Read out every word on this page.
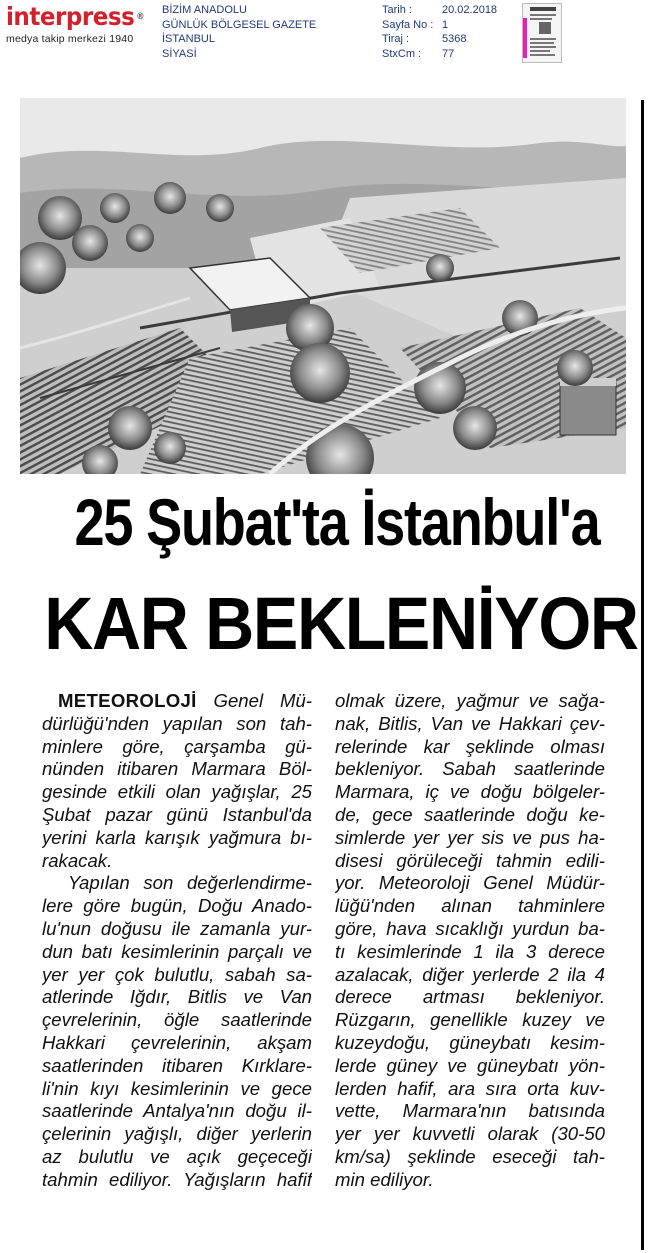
interpress ®
medya takip merkezi 1940
BİZİM ANADOLU
GÜNLÜK BÖLGESEL GAZETE
İSTANBUL
SİYASİ
Tarih :	20.02.2018
Sayfa No : 1
Tiraj :	5368
StxCm :	77
25 Şubat'ta İstanbul'a
KAR BEKLENİYOR
METEOROLOJİ Genel Mü-
dürlüğü'nden yapılan son tah-
minlere göre, çarşamba gü-
nünden itibaren Marmara Böl-
gesinde etkili olan yağışlar, 25
Şubat pazar günü Istanbul'da
yerini karla karışık yağmura bı-
rakacak.
Yapılan son değerlendirme-
lere göre bugün, Doğu Anado-
lu'nun doğusu ile zamanla yur-
dun batı kesimlerinin parçalı ve
yer yer çok bulutlu, sabah sa-
atlerinde Iğdır, Bitlis ve Van
çevrelerinin, öğle saatlerinde
Hakkari çevrelerinin, akşam
saatlerinden itibaren Kırklare-
li'nin kıyı kesimlerinin ve gece
saatlerinde Antalya'nın doğu il-
çelerinin yağışlı, diğer yerlerin
az bulutlu ve açık geçeceği
tahmin ediliyor. Yağışların hafif
olmak üzere, yağmur ve sağa-
nak, Bitlis, Van ve Hakkari çev-
relerinde kar şeklinde olması
bekleniyor. Sabah saatlerinde
Marmara, iç ve doğu bölgeler-
de, gece saatlerinde doğu ke-
simlerde yer yer sis ve pus ha-
disesi görüleceği tahmin edili-
yor. Meteoroloji Genel Müdür-
lüğü'nden alınan tahminlere
göre, hava sıcaklığı yurdun ba-
tı kesimlerinde 1 ila 3 derece
azalacak, diğer yerlerde 2 ila 4
derece artması bekleniyor.
Rüzgarın, genellikle kuzey ve
kuzeydoğu, güneybatı kesim-
lerde güney ve güneybatı yön-
lerden hafif, ara sıra orta kuv-
vette, Marmara'nın batısında
yer yer kuvvetli olarak (30-50
km/sa) şeklinde eseceği tah-
min ediliyor.
